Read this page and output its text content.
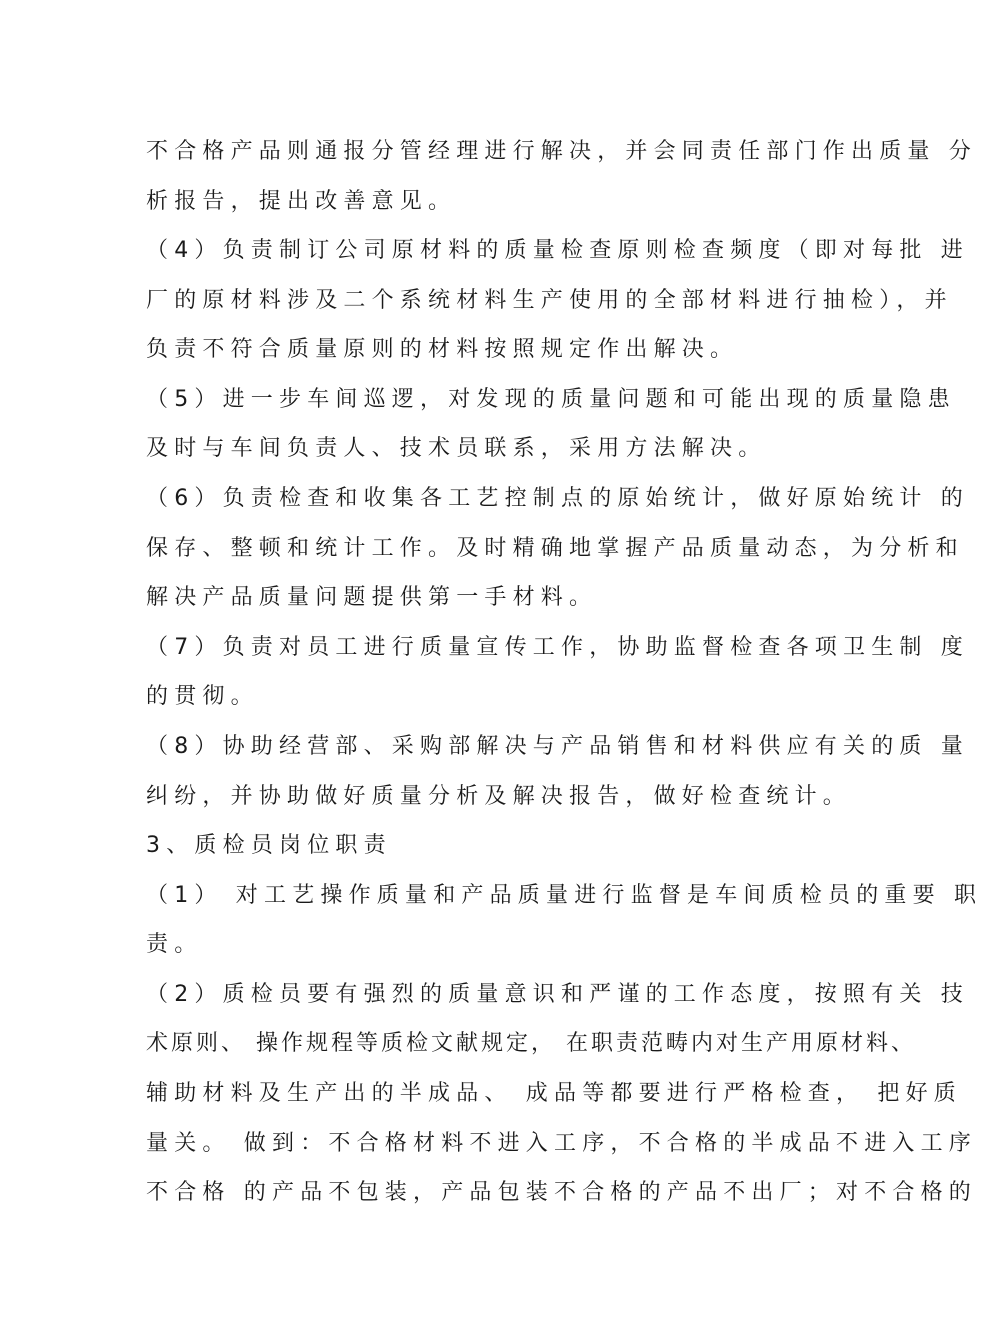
不合格产品则通报分管经理进行解决，并会同责任部门作出质量 分
析报告，提出改善意见。
（4）负责制订公司原材料的质量检查原则检查频度（即对每批 进
厂的原材料涉及二个系统材料生产使用的全部材料进行抽检），并
负责不符合质量原则的材料按照规定作出解决。
（5）进一步车间巡逻，对发现的质量问题和可能出现的质量隐患
及时与车间负责人、技术员联系，采用方法解决。
（6）负责检查和收集各工艺控制点的原始统计，做好原始统计 的
保存、整顿和统计工作。及时精确地掌握产品质量动态，为分析和
解决产品质量问题提供第一手材料。
（7）负责对员工进行质量宣传工作，协助监督检查各项卫生制 度
的贯彻。
（8）协助经营部、采购部解决与产品销售和材料供应有关的质 量
纠纷，并协助做好质量分析及解决报告，做好检查统计。
3、质检员岗位职责
（1） 对工艺操作质量和产品质量进行监督是车间质检员的重要 职
责。
（2）质检员要有强烈的质量意识和严谨的工作态度，按照有关 技
术原则、 操作规程等质检文献规定， 在职责范畴内对生产用原材料、
辅助材料及生产出的半成品、 成品等都要进行严格检查， 把好质
量关。 做到：不合格材料不进入工序，不合格的半成品不进入工序
不合格 的产品不包装，产品包装不合格的产品不出厂；对不合格的
